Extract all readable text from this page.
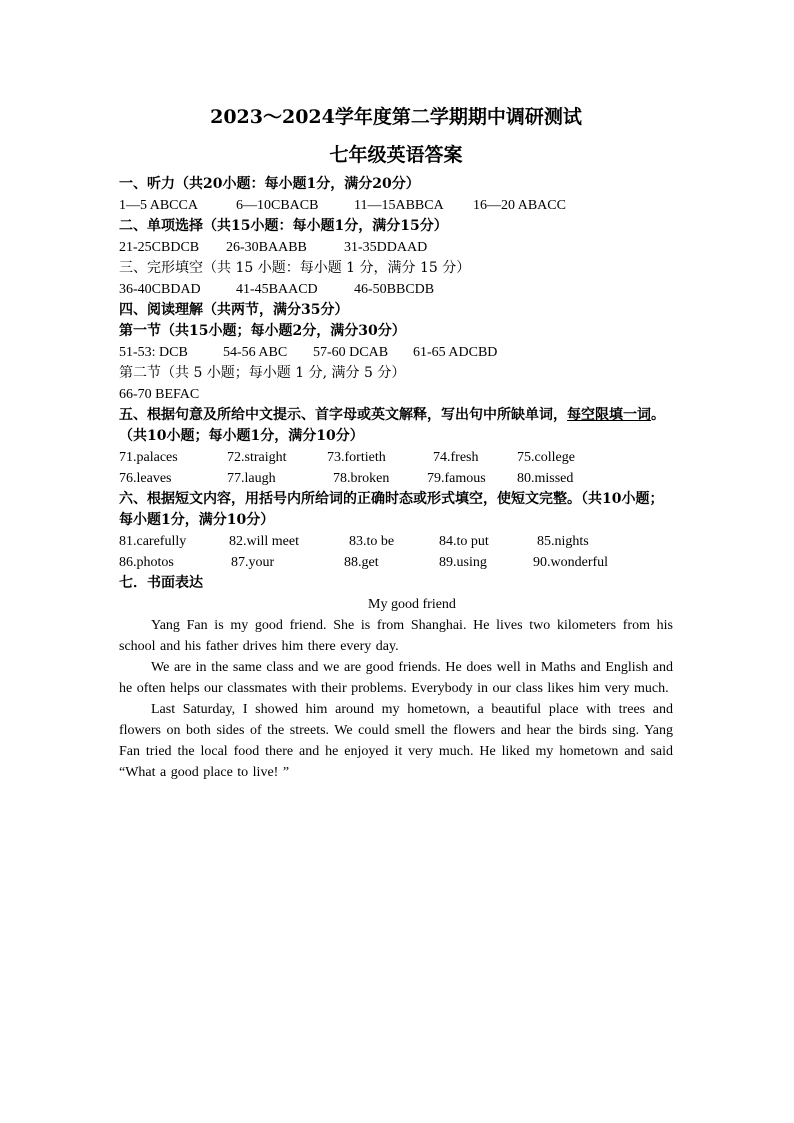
2023～2024学年度第二学期期中调研测试
七年级英语答案

一、听力（共20小题：每小题1分，满分20分）

1—5 ABCCA	6—10CBACB	11—15ABBCA 16—20 ABACC

二、单项选择（共15小题：每小题1分，满分15分）

21-25CBDCB 26-30BAABB	31-35DDAAD

三、完形填空（共 15 小题：每小题 1 分，满分 15 分）

36-40CBDAD	41-45BAACD	46-50BBCDB

四、阅读理解（共两节，满分35分）

第一节（共15小题；每小题2分，满分30分）

51-53: DCB	54-56 ABC 57-60 DCAB 61-65 ADCBD

第二节（共 5 小题；每小题 1 分, 满分 5 分）

66-70 BEFAC

五、根据句意及所给中文提示、首字母或英文解释，写出句中所缺单词，每空限填一词。（共10小题；每小题1分，满分10分）

71.palaces	72.straight	73.fortieth	74.fresh	75.college
76.leaves	77.laugh	78.broken	79.famous 80.missed

六、根据短文内容，用括号内所给词的正确时态或形式填空，使短文完整。（共10小题；每小题1分，满分10分）

81.carefully	82.will meet	83.to be	84.to put	85.nights
86.photos	87.your	88.get	89.using	90.wonderful

七．书面表达

My good friend

Yang Fan is my good friend. She is from Shanghai. He lives two kilometers from his school and his father drives him there every day.

We are in the same class and we are good friends. He does well in Maths and English and he often helps our classmates with their problems. Everybody in our class likes him very much.

Last Saturday, I showed him around my hometown, a beautiful place with trees and flowers on both sides of the streets. We could smell the flowers and hear the birds sing. Yang Fan tried the local food there and he enjoyed it very much. He liked my hometown and said “What a good place to live! ”
